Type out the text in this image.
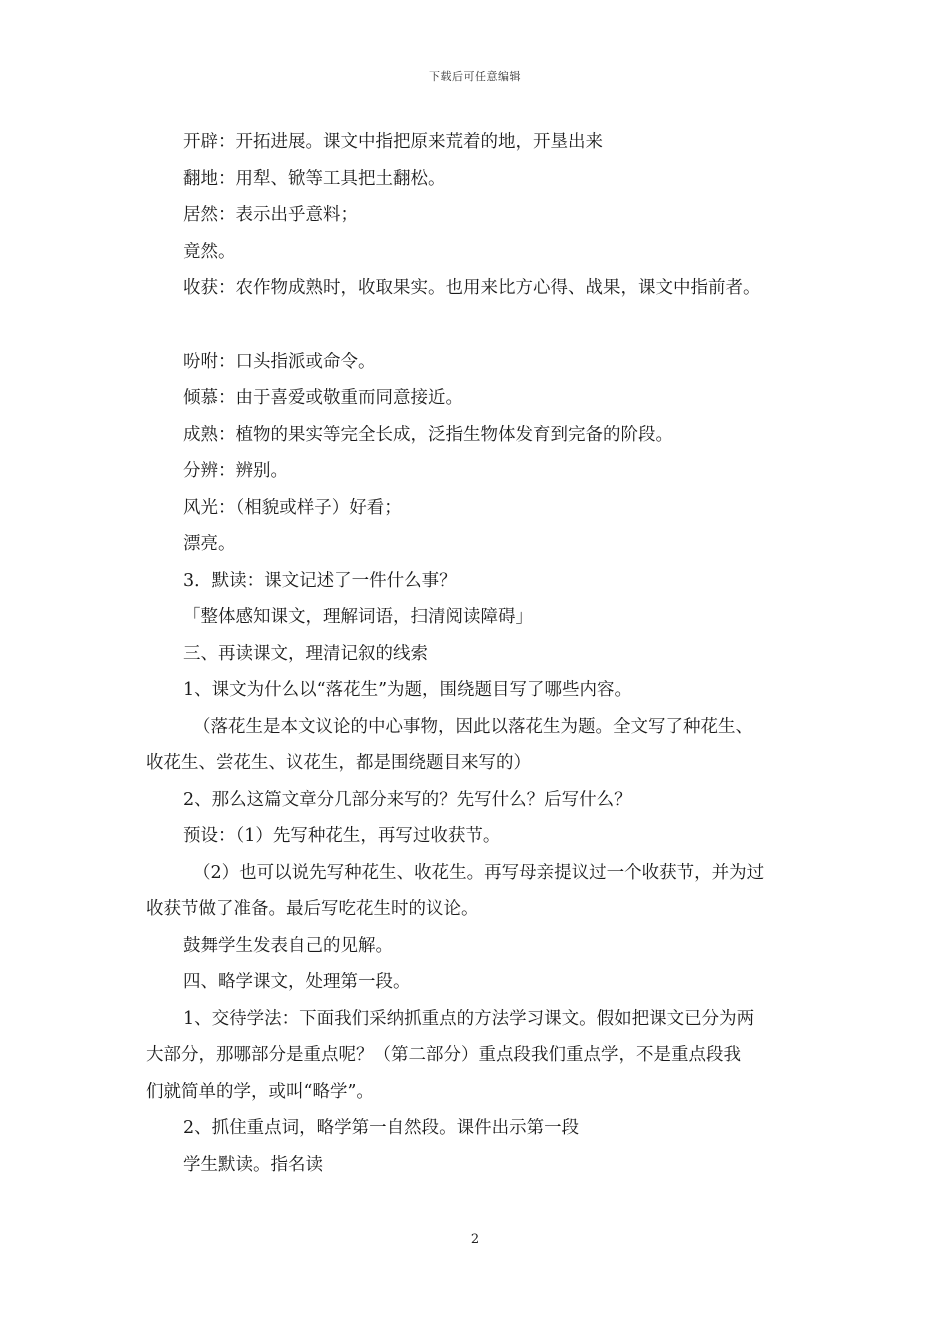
下载后可任意编辑

开辟：开拓进展。课文中指把原来荒着的地，开垦出来

翻地：用犁、锨等工具把土翻松。

居然：表示出乎意料；

竟然。

收获：农作物成熟时，收取果实。也用来比方心得、战果，课文中指前者。

吩咐：口头指派或命令。

倾慕：由于喜爱或敬重而同意接近。

成熟：植物的果实等完全长成，泛指生物体发育到完备的阶段。

分辨：辨别。

风光：（相貌或样子）好看；

漂亮。

3．默读：课文记述了一件什么事？

「整体感知课文，理解词语，扫清阅读障碍」

三、再读课文，理清记叙的线索

1、课文为什么以“落花生”为题，围绕题目写了哪些内容。

（落花生是本文议论的中心事物，因此以落花生为题。全文写了种花生、

收花生、尝花生、议花生，都是围绕题目来写的）

2、那么这篇文章分几部分来写的？先写什么？后写什么？

预设：（1）先写种花生，再写过收获节。

（2）也可以说先写种花生、收花生。再写母亲提议过一个收获节，并为过

收获节做了准备。最后写吃花生时的议论。

鼓舞学生发表自己的见解。

四、略学课文，处理第一段。

1、交待学法：下面我们采纳抓重点的方法学习课文。假如把课文已分为两

大部分，那哪部分是重点呢？（第二部分）重点段我们重点学，不是重点段我

们就简单的学，或叫“略学”。

2、抓住重点词，略学第一自然段。课件出示第一段

学生默读。指名读

2
